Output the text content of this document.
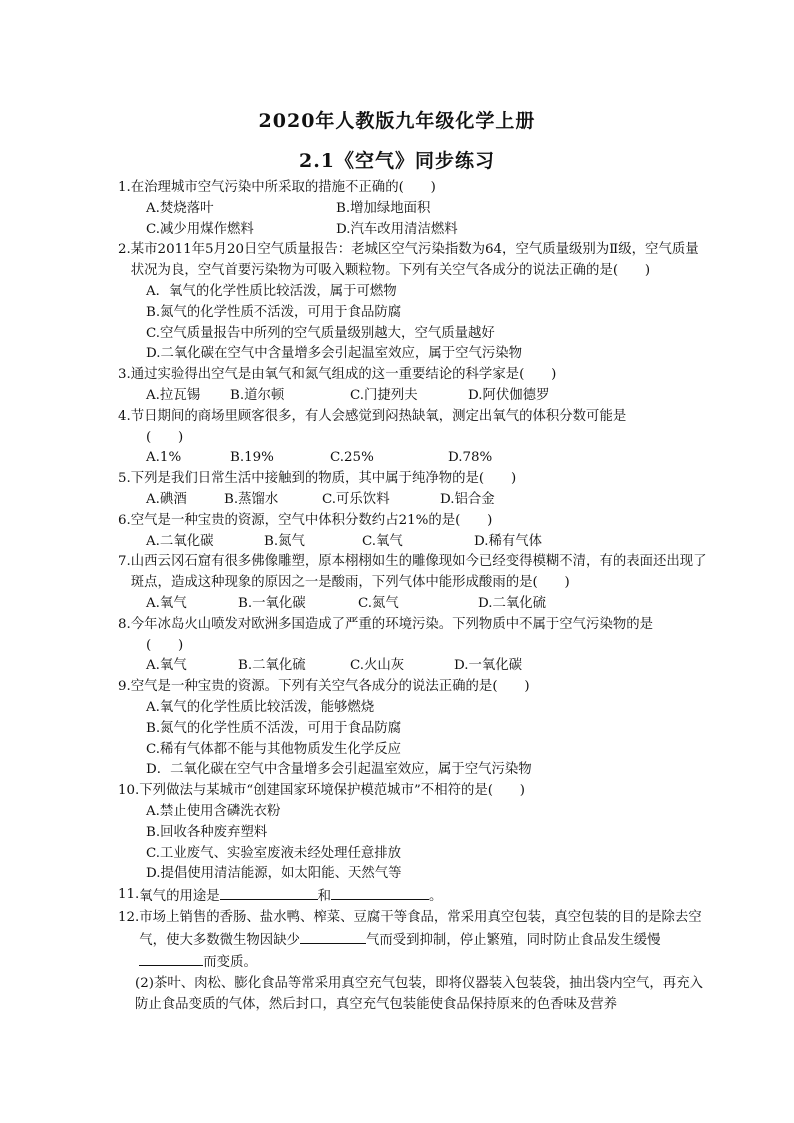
2020年人教版九年级化学上册
2.1《空气》同步练习
1. 在治理城市空气污染中所采取的措施不正确的(　　)
A.焚烧落叶	B.增加绿地面积
C.减少用煤作燃料	D.汽车改用清洁燃料
2. 某市2011年5月20日空气质量报告：老城区空气污染指数为64，空气质量级别为Ⅱ级，空气质量状况为良，空气首要污染物为可吸入颗粒物。下列有关空气各成分的说法正确的是(　　)
A．氧气的化学性质比较活泼，属于可燃物
B.氮气的化学性质不活泼，可用于食品防腐
C.空气质量报告中所列的空气质量级别越大，空气质量越好
D.二氧化碳在空气中含量增多会引起温室效应，属于空气污染物
3. 通过实验得出空气是由氧气和氮气组成的这一重要结论的科学家是(　　)
A.拉瓦锡	B.道尔顿	C.门捷列夫	D.阿伏伽德罗
4. 节日期间的商场里顾客很多，有人会感觉到闷热缺氧，测定出氧气的体积分数可能是
(　　)
A.1%	B.19%	C.25%	D.78%
5. 下列是我们日常生活中接触到的物质，其中属于纯净物的是(　　)
A.碘酒	B.蒸馏水	C.可乐饮料	D.铝合金
6. 空气是一种宝贵的资源，空气中体积分数约占21%的是(　　)
A.二氧化碳	B.氮气	C.氧气	D.稀有气体
7. 山西云冈石窟有很多佛像雕塑，原本栩栩如生的雕像现如今已经变得模糊不清，有的表面还出现了斑点，造成这种现象的原因之一是酸雨，下列气体中能形成酸雨的是(　　)
A.氧气	B.一氧化碳	C.氮气	D.二氧化硫
8. 今年冰岛火山喷发对欧洲多国造成了严重的环境污染。下列物质中不属于空气污染物的是
(　　)
A.氧气	B.二氧化硫	C.火山灰	D.一氧化碳
9. 空气是一种宝贵的资源。下列有关空气各成分的说法正确的是(　　)
A.氧气的化学性质比较活泼，能够燃烧
B.氮气的化学性质不活泼，可用于食品防腐
C.稀有气体都不能与其他物质发生化学反应
D．二氧化碳在空气中含量增多会引起温室效应，属于空气污染物
10. 下列做法与某城市“创建国家环境保护模范城市”不相符的是(　　)
A.禁止使用含磷洗衣粉
B.回收各种废弃塑料
C.工业废气、实验室废液未经处理任意排放
D.提倡使用清洁能源，如太阳能、天然气等
11. 氧气的用途是	和	。
12. 市场上销售的香肠、盐水鸭、榨菜、豆腐干等食品，常采用真空包装，真空包装的目的是除去空气，使大多数微生物因缺少	气而受到抑制，停止繁殖，同时防止食品发生缓慢而变质。
(2)茶叶、肉松、膨化食品等常采用真空充气包装，即将仪器装入包装袋，抽出袋内空气，再充入防止食品变质的气体，然后封口，真空充气包装能使食品保持原来的色香味及营养
